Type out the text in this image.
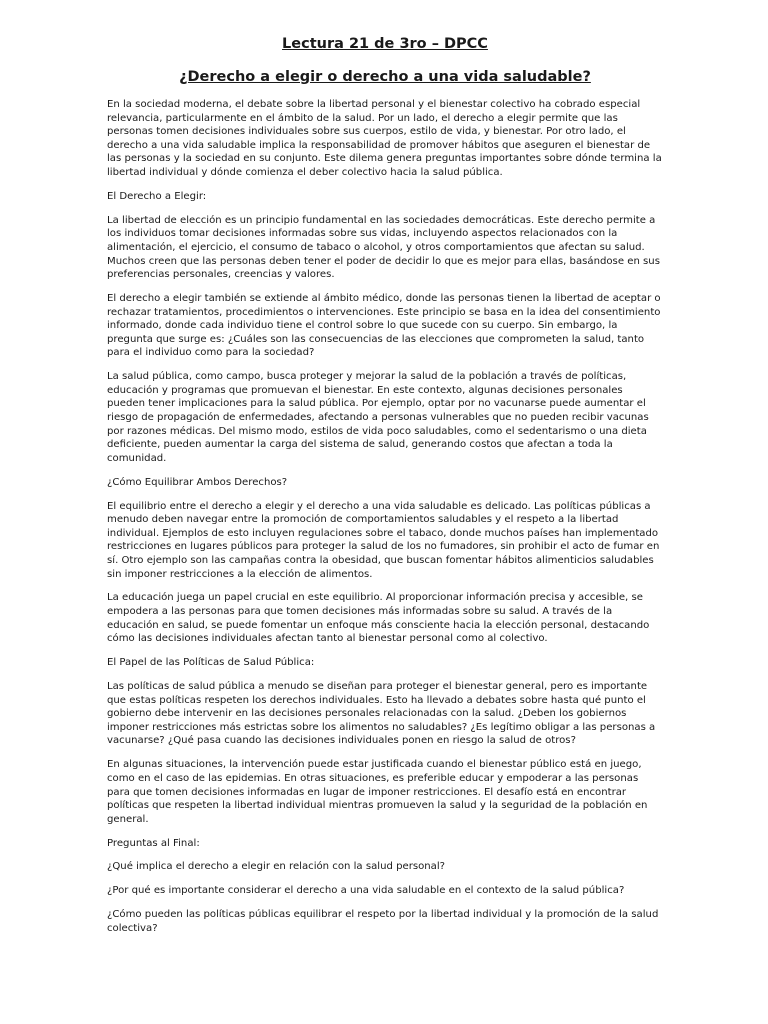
Lectura 21 de 3ro – DPCC
¿Derecho a elegir o derecho a una vida saludable?

En la sociedad moderna, el debate sobre la libertad personal y el bienestar colectivo ha cobrado especial relevancia, particularmente en el ámbito de la salud. Por un lado, el derecho a elegir permite que las personas tomen decisiones individuales sobre sus cuerpos, estilo de vida, y bienestar. Por otro lado, el derecho a una vida saludable implica la responsabilidad de promover hábitos que aseguren el bienestar de las personas y la sociedad en su conjunto. Este dilema genera preguntas importantes sobre dónde termina la libertad individual y dónde comienza el deber colectivo hacia la salud pública.

El Derecho a Elegir:

La libertad de elección es un principio fundamental en las sociedades democráticas. Este derecho permite a los individuos tomar decisiones informadas sobre sus vidas, incluyendo aspectos relacionados con la alimentación, el ejercicio, el consumo de tabaco o alcohol, y otros comportamientos que afectan su salud. Muchos creen que las personas deben tener el poder de decidir lo que es mejor para ellas, basándose en sus preferencias personales, creencias y valores.

El derecho a elegir también se extiende al ámbito médico, donde las personas tienen la libertad de aceptar o rechazar tratamientos, procedimientos o intervenciones. Este principio se basa en la idea del consentimiento informado, donde cada individuo tiene el control sobre lo que sucede con su cuerpo. Sin embargo, la pregunta que surge es: ¿Cuáles son las consecuencias de las elecciones que comprometen la salud, tanto para el individuo como para la sociedad?

La salud pública, como campo, busca proteger y mejorar la salud de la población a través de políticas, educación y programas que promuevan el bienestar. En este contexto, algunas decisiones personales pueden tener implicaciones para la salud pública. Por ejemplo, optar por no vacunarse puede aumentar el riesgo de propagación de enfermedades, afectando a personas vulnerables que no pueden recibir vacunas por razones médicas. Del mismo modo, estilos de vida poco saludables, como el sedentarismo o una dieta deficiente, pueden aumentar la carga del sistema de salud, generando costos que afectan a toda la comunidad.

¿Cómo Equilibrar Ambos Derechos?

El equilibrio entre el derecho a elegir y el derecho a una vida saludable es delicado. Las políticas públicas a menudo deben navegar entre la promoción de comportamientos saludables y el respeto a la libertad individual. Ejemplos de esto incluyen regulaciones sobre el tabaco, donde muchos países han implementado restricciones en lugares públicos para proteger la salud de los no fumadores, sin prohibir el acto de fumar en sí. Otro ejemplo son las campañas contra la obesidad, que buscan fomentar hábitos alimenticios saludables sin imponer restricciones a la elección de alimentos.

La educación juega un papel crucial en este equilibrio. Al proporcionar información precisa y accesible, se empodera a las personas para que tomen decisiones más informadas sobre su salud. A través de la educación en salud, se puede fomentar un enfoque más consciente hacia la elección personal, destacando cómo las decisiones individuales afectan tanto al bienestar personal como al colectivo.

El Papel de las Políticas de Salud Pública:

Las políticas de salud pública a menudo se diseñan para proteger el bienestar general, pero es importante que estas políticas respeten los derechos individuales. Esto ha llevado a debates sobre hasta qué punto el gobierno debe intervenir en las decisiones personales relacionadas con la salud. ¿Deben los gobiernos imponer restricciones más estrictas sobre los alimentos no saludables? ¿Es legítimo obligar a las personas a vacunarse? ¿Qué pasa cuando las decisiones individuales ponen en riesgo la salud de otros?

En algunas situaciones, la intervención puede estar justificada cuando el bienestar público está en juego, como en el caso de las epidemias. En otras situaciones, es preferible educar y empoderar a las personas para que tomen decisiones informadas en lugar de imponer restricciones. El desafío está en encontrar políticas que respeten la libertad individual mientras promueven la salud y la seguridad de la población en general.

Preguntas al Final:

¿Qué implica el derecho a elegir en relación con la salud personal?
¿Por qué es importante considerar el derecho a una vida saludable en el contexto de la salud pública?
¿Cómo pueden las políticas públicas equilibrar el respeto por la libertad individual y la promoción de la salud colectiva?
